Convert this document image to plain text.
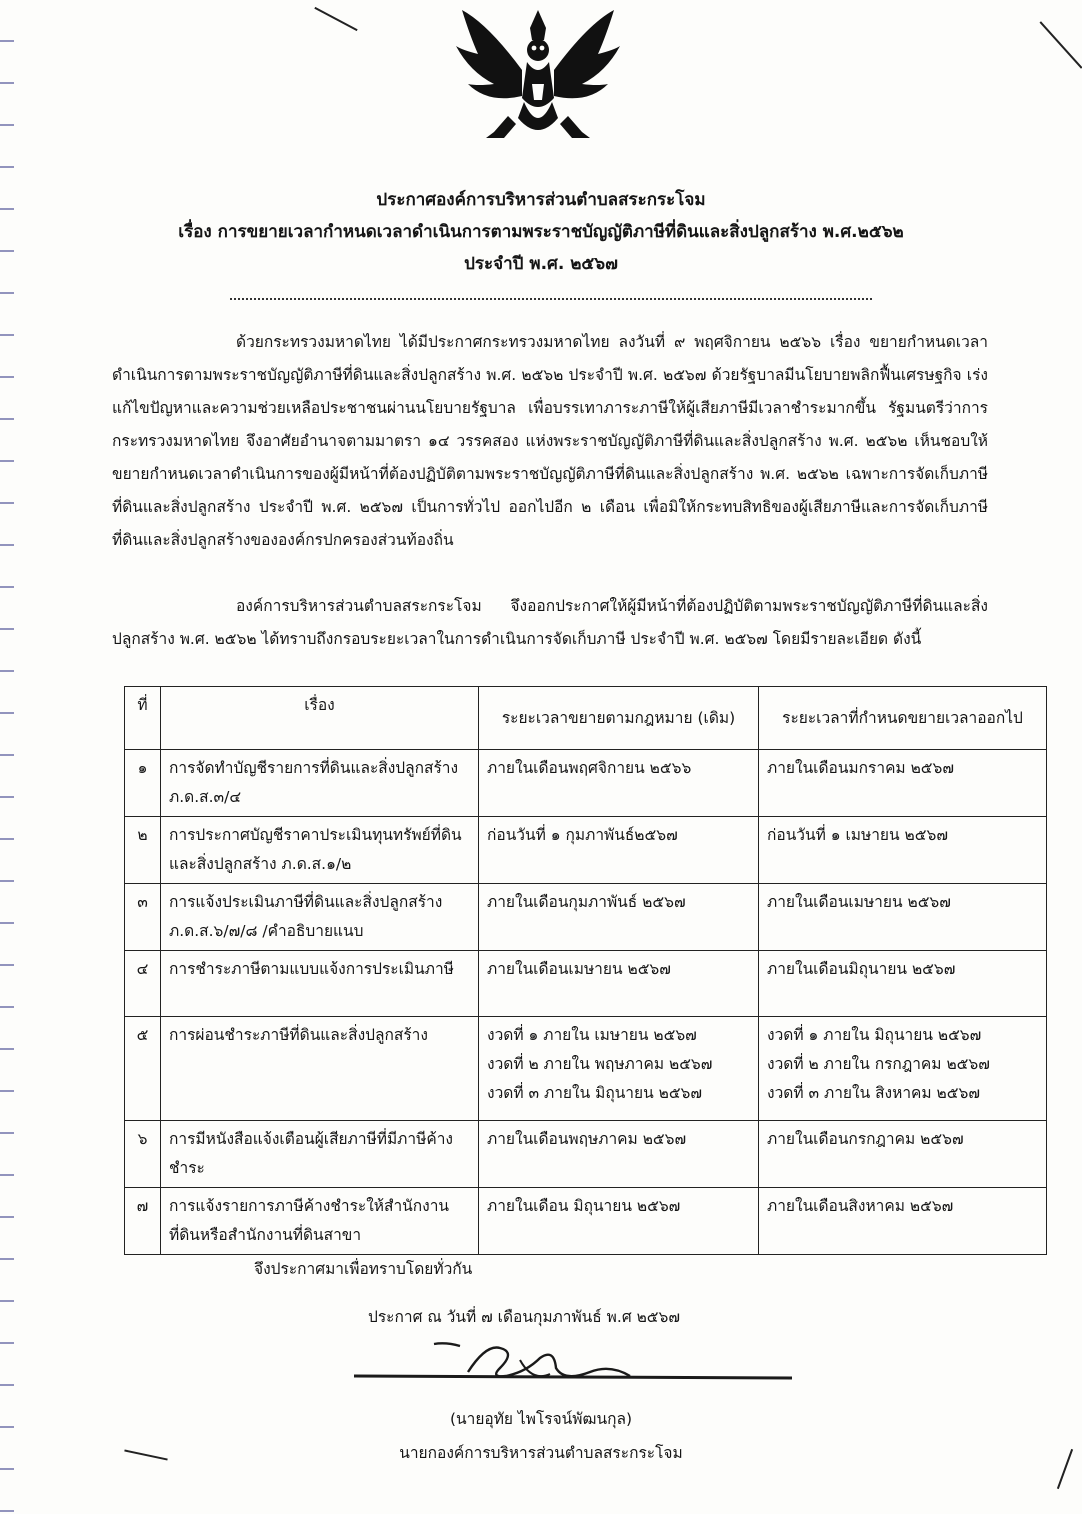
ประกาศองค์การบริหารส่วนตำบลสระกระโจม
เรื่อง การขยายเวลากำหนดเวลาดำเนินการตามพระราชบัญญัติภาษีที่ดินและสิ่งปลูกสร้าง พ.ศ.๒๕๖๒
ประจำปี พ.ศ. ๒๕๖๗

ด้วยกระทรวงมหาดไทย ได้มีประกาศกระทรวงมหาดไทย ลงวันที่ ๙ พฤศจิกายน ๒๕๖๖ เรื่อง ขยายกำหนดเวลาดำเนินการตามพระราชบัญญัติภาษีที่ดินและสิ่งปลูกสร้าง พ.ศ. ๒๕๖๒ ประจำปี พ.ศ. ๒๕๖๗ ด้วยรัฐบาลมีนโยบายพลิกฟื้นเศรษฐกิจ เร่งแก้ไขปัญหาและความช่วยเหลือประชาชนผ่านนโยบายรัฐบาล เพื่อบรรเทาภาระภาษีให้ผู้เสียภาษีมีเวลาชำระมากขึ้น รัฐมนตรีว่าการกระทรวงมหาดไทย จึงอาศัยอำนาจตามมาตรา ๑๔ วรรคสอง แห่งพระราชบัญญัติภาษีที่ดินและสิ่งปลูกสร้าง พ.ศ. ๒๕๖๒ เห็นชอบให้ขยายกำหนดเวลาดำเนินการของผู้มีหน้าที่ต้องปฏิบัติตามพระราชบัญญัติภาษีที่ดินและสิ่งปลูกสร้าง พ.ศ. ๒๕๖๒ เฉพาะการจัดเก็บภาษีที่ดินและสิ่งปลูกสร้าง ประจำปี พ.ศ. ๒๕๖๗ เป็นการทั่วไป ออกไปอีก ๒ เดือน เพื่อมิให้กระทบสิทธิของผู้เสียภาษีและการจัดเก็บภาษีที่ดินและสิ่งปลูกสร้างขององค์กรปกครองส่วนท้องถิ่น

องค์การบริหารส่วนตำบลสระกระโจม จึงออกประกาศให้ผู้มีหน้าที่ต้องปฏิบัติตามพระราชบัญญัติภาษีที่ดินและสิ่งปลูกสร้าง พ.ศ. ๒๕๖๒ ได้ทราบถึงกรอบระยะเวลาในการดำเนินการจัดเก็บภาษี ประจำปี พ.ศ. ๒๕๖๗ โดยมีรายละเอียด ดังนี้

ที่	เรื่อง	ระยะเวลาขยายตามกฎหมาย (เดิม)	ระยะเวลาที่กำหนดขยายเวลาออกไป
๑	การจัดทำบัญชีรายการที่ดินและสิ่งปลูกสร้าง ภ.ด.ส.๓/๔	ภายในเดือนพฤศจิกายน ๒๕๖๖	ภายในเดือนมกราคม ๒๕๖๗

๒	การประกาศบัญชีราคาประเมินทุนทรัพย์ที่ดินและสิ่งปลูกสร้าง ภ.ด.ส.๑/๒	ก่อนวันที่ ๑ กุมภาพันธ์๒๕๖๗	ก่อนวันที่ ๑ เมษายน ๒๕๖๗

๓	การแจ้งประเมินภาษีที่ดินและสิ่งปลูกสร้าง ภ.ด.ส.๖/๗/๘ /คำอธิบายแนบ	ภายในเดือนกุมภาพันธ์ ๒๕๖๗	ภายในเดือนเมษายน ๒๕๖๗

๔	การชำระภาษีตามแบบแจ้งการประเมินภาษี	ภายในเดือนเมษายน ๒๕๖๗	ภายในเดือนมิถุนายน ๒๕๖๗

๕	การผ่อนชำระภาษีที่ดินและสิ่งปลูกสร้าง	งวดที่ ๑ ภายใน เมษายน ๒๕๖๗
งวดที่ ๒ ภายใน พฤษภาคม ๒๕๖๗
งวดที่ ๓ ภายใน มิถุนายน ๒๕๖๗	งวดที่ ๑ ภายใน มิถุนายน ๒๕๖๗
งวดที่ ๒ ภายใน กรกฎาคม ๒๕๖๗
งวดที่ ๓ ภายใน สิงหาคม ๒๕๖๗

๖	การมีหนังสือแจ้งเตือนผู้เสียภาษีที่มีภาษีค้างชำระ	ภายในเดือนพฤษภาคม ๒๕๖๗	ภายในเดือนกรกฎาคม ๒๕๖๗

๗	การแจ้งรายการภาษีค้างชำระให้สำนักงานที่ดินหรือสำนักงานที่ดินสาขา	ภายในเดือน มิถุนายน ๒๕๖๗	ภายในเดือนสิงหาคม ๒๕๖๗
จึงประกาศมาเพื่อทราบโดยทั่วกัน
ประกาศ ณ วันที่ ๗ เดือนกุมภาพันธ์ พ.ศ ๒๕๖๗
(นายอุทัย ไพโรจน์พัฒนกุล)
นายกองค์การบริหารส่วนตำบลสระกระโจม
